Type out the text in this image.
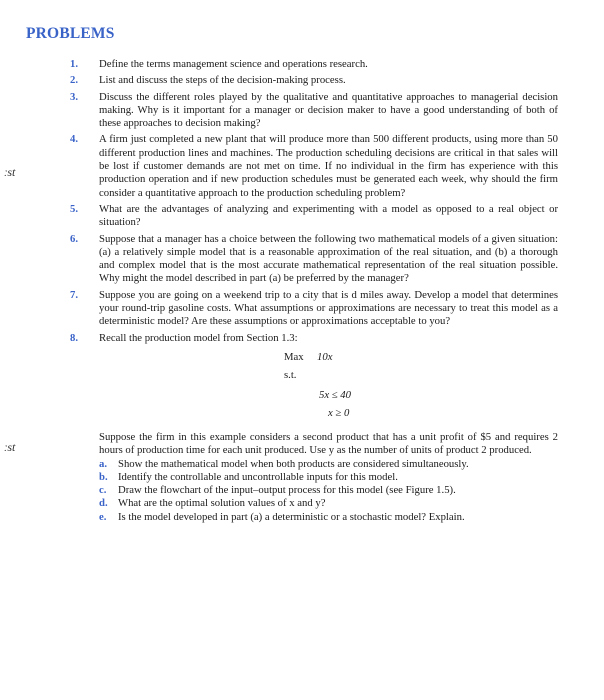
PROBLEMS
ːst
ːst
1. Define the terms management science and operations research.

2. List and discuss the steps of the decision-making process.

3. Discuss the different roles played by the qualitative and quantitative approaches to managerial decision making. Why is it important for a manager or decision maker to have a good understanding of both of these approaches to decision making?

4. A firm just completed a new plant that will produce more than 500 different products, using more than 50 different production lines and machines. The production scheduling decisions are critical in that sales will be lost if customer demands are not met on time. If no individual in the firm has experience with this production operation and if new production schedules must be generated each week, why should the firm consider a quantitative approach to the production scheduling problem?

5. What are the advantages of analyzing and experimenting with a model as opposed to a real object or situation?

6. Suppose that a manager has a choice between the following two mathematical models of a given situation: (a) a relatively simple model that is a reasonable approximation of the real situation, and (b) a thorough and complex model that is the most accurate mathematical representation of the real situation possible. Why might the model described in part (a) be preferred by the manager?

7. Suppose you are going on a weekend trip to a city that is d miles away. Develop a model that determines your round-trip gasoline costs. What assumptions or approximations are necessary to treat this model as a deterministic model? Are these assumptions or approximations acceptable to you?

8. Recall the production model from Section 1.3:

Max 10x
s.t.
5x ≤ 40
x ≥ 0

Suppose the firm in this example considers a second product that has a unit profit of $5 and requires 2 hours of production time for each unit produced. Use y as the number of units of product 2 produced.

a. Show the mathematical model when both products are considered simultaneously.
b. Identify the controllable and uncontrollable inputs for this model.
c. Draw the flowchart of the input–output process for this model (see Figure 1.5).
d. What are the optimal solution values of x and y?
e. Is the model developed in part (a) a deterministic or a stochastic model? Explain.
